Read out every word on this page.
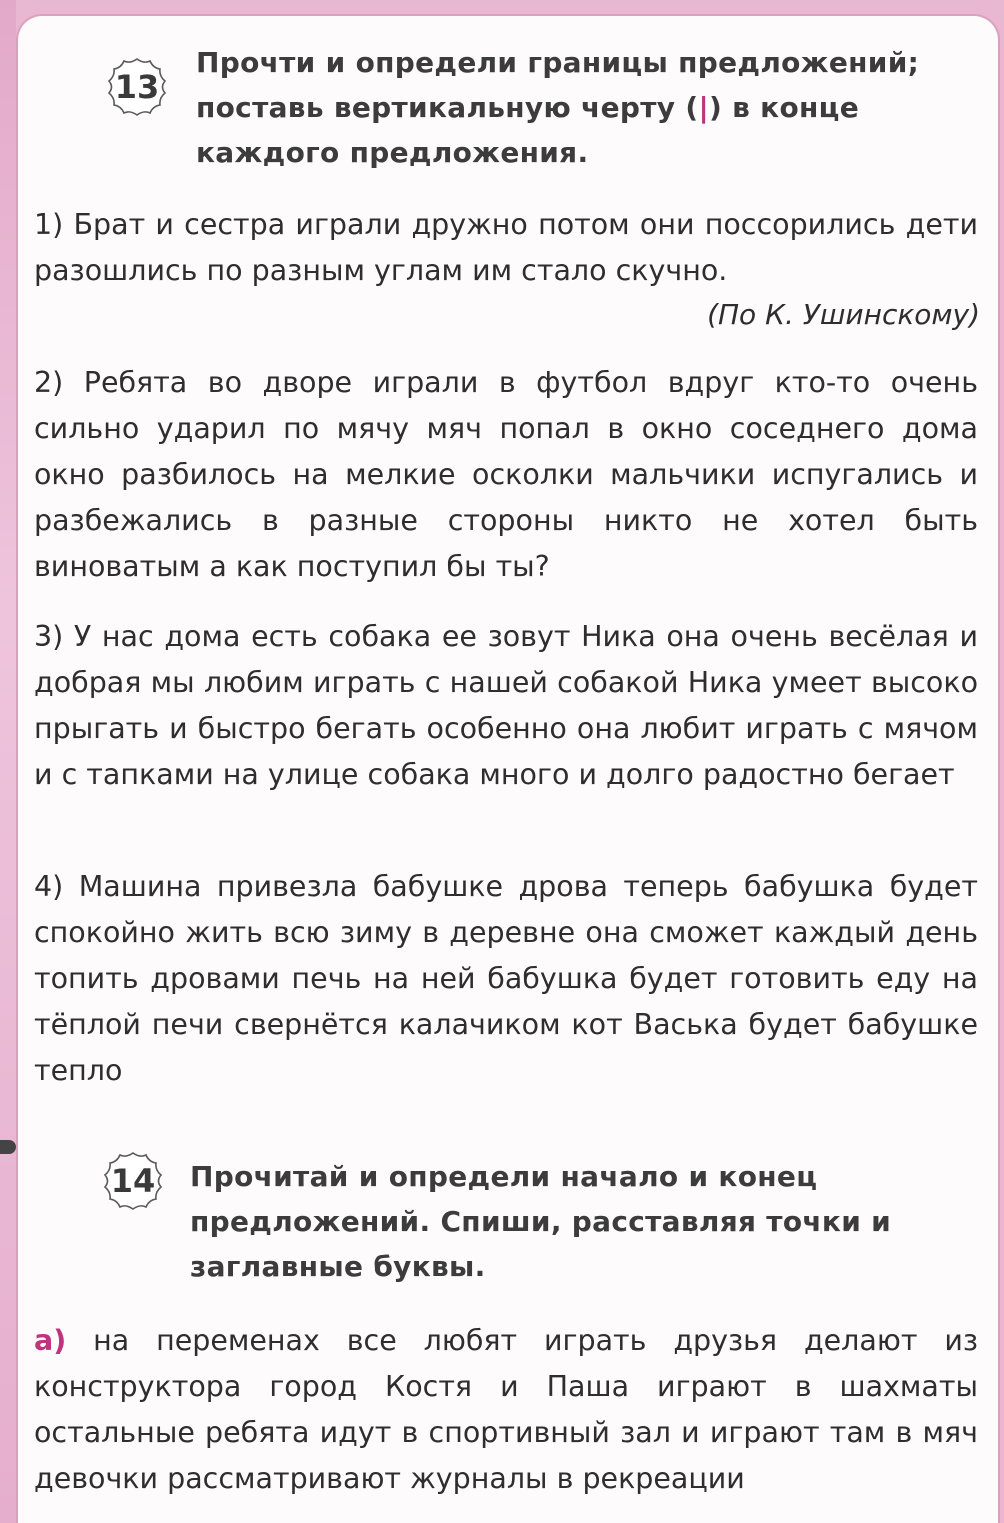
13
Прочти и определи границы предложений; поставь вертикальную черту (|) в конце каждого предложения.
1) Брат и сестра играли дружно потом они поссорились дети разошлись по разным углам им стало скучно.
(По К. Ушинскому)
2) Ребята во дворе играли в футбол вдруг кто-то очень сильно ударил по мячу мяч попал в окно соседнего дома окно разбилось на мелкие осколки мальчики испугались и разбежались в разные стороны никто не хотел быть виноватым а как поступил бы ты?
3) У нас дома есть собака ее зовут Ника она очень весёлая и добрая мы любим играть с нашей собакой Ника умеет высоко прыгать и быстро бегать особенно она любит играть с мячом и с тапками на улице собака много и долго радостно бегает
4) Машина привезла бабушке дрова теперь бабушка будет спокойно жить всю зиму в деревне она сможет каждый день топить дровами печь на ней бабушка будет готовить еду на тёплой печи свернётся калачиком кот Васька будет бабушке тепло
14 Прочитай и определи начало и конец предложений. Спиши, расставляя точки и заглавные буквы.
а) на переменах все любят играть друзья делают из конструктора город Костя и Паша играют в шахматы остальные ребята идут в спортивный зал и играют там в мяч девочки рассматривают журналы в рекреации
